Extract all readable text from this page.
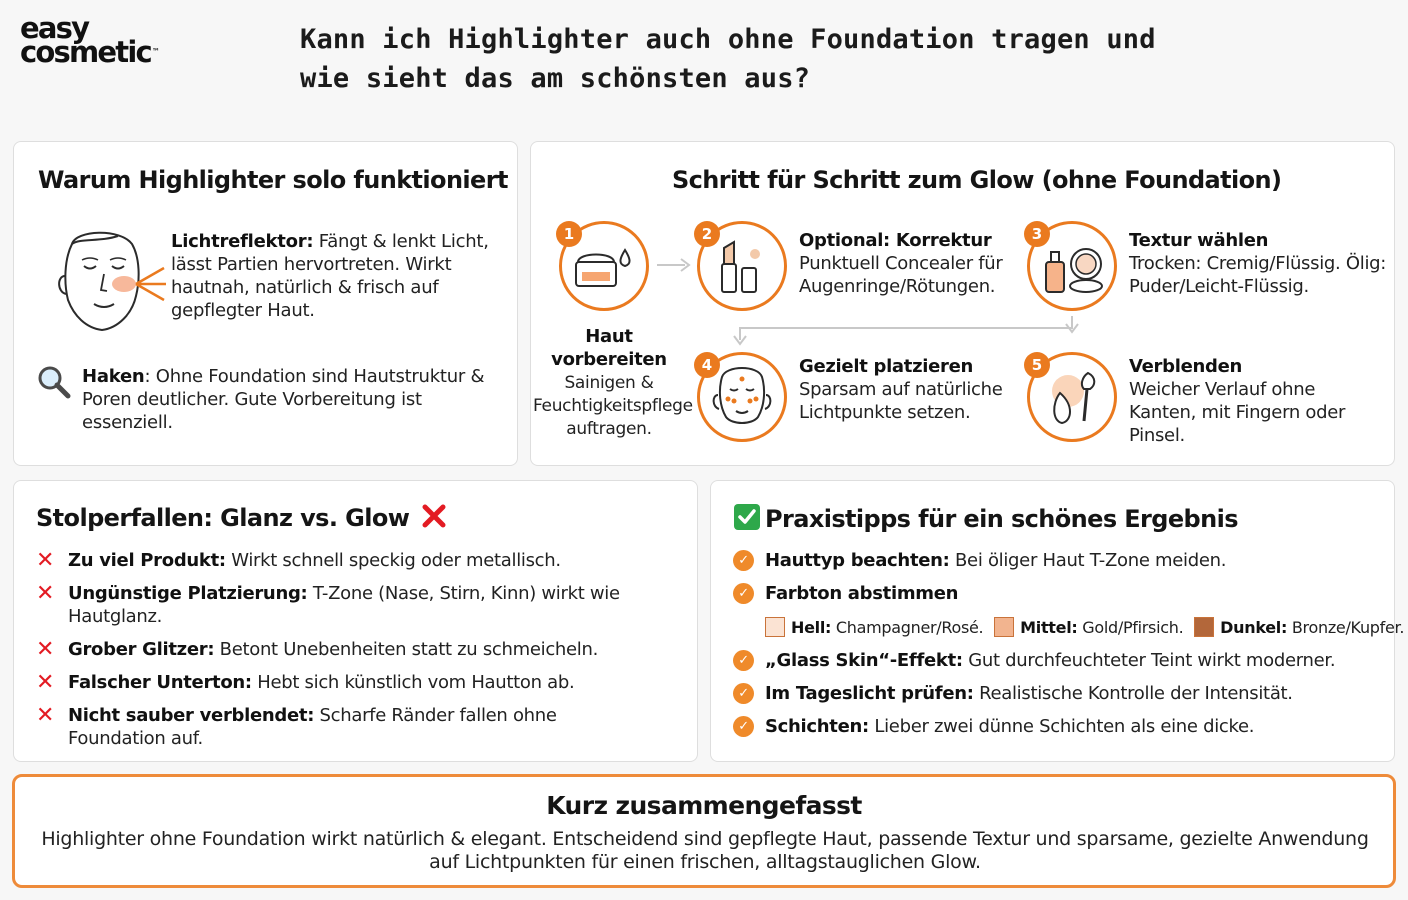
easy
cosmetic™	Kann ich Highlighter auch ohne Foundation tragen und wie sieht das am schönsten aus?
Warum Highlighter solo funktioniert
Lichtreflektor: Fängt & lenkt Licht, lässt Partien hervortreten. Wirkt hautnah, natürlich & frisch auf gepflegter Haut.
Haken: Ohne Foundation sind Hautstruktur & Poren deutlicher. Gute Vorbereitung ist essenziell.
Schritt für Schritt zum Glow (ohne Foundation)
1
Haut vorbereiten
Sainigen & Feuchtigkeitspflege auftragen.
2	Optional: Korrektur
Punktuell Concealer für Augenringe/Rötungen.
3	Textur wählen
Trocken: Cremig/Flüssig. Ölig: Puder/Leicht-Flüssig.
4	Gezielt platzieren
Sparsam auf natürliche Lichtpunkte setzen.
5	Verblenden
Weicher Verlauf ohne Kanten, mit Fingern oder Pinsel.
Stolperfallen: Glanz vs. Glow
✕ Zu viel Produkt: Wirkt schnell speckig oder metallisch.
✕ Ungünstige Platzierung: T-Zone (Nase, Stirn, Kinn) wirkt wie Hautglanz.
✕ Grober Glitzer: Betont Unebenheiten statt zu schmeicheln.
✕ Falscher Unterton: Hebt sich künstlich vom Hautton ab.
✕ Nicht sauber verblendet: Scharfe Ränder fallen ohne Foundation auf.
Praxistipps für ein schönes Ergebnis
✓ Hauttyp beachten: Bei öliger Haut T-Zone meiden.
✓ Farbton abstimmen
Hell: Champagner/Rosé. Mittel: Gold/Pfirsich. Dunkel: Bronze/Kupfer.
✓ „Glass Skin“-Effekt: Gut durchfeuchteter Teint wirkt moderner.
✓ Im Tageslicht prüfen: Realistische Kontrolle der Intensität.
✓ Schichten: Lieber zwei dünne Schichten als eine dicke.
Kurz zusammengefasst
Highlighter ohne Foundation wirkt natürlich & elegant. Entscheidend sind gepflegte Haut, passende Textur und sparsame, gezielte Anwendung auf Lichtpunkten für einen frischen, alltagstauglichen Glow.
